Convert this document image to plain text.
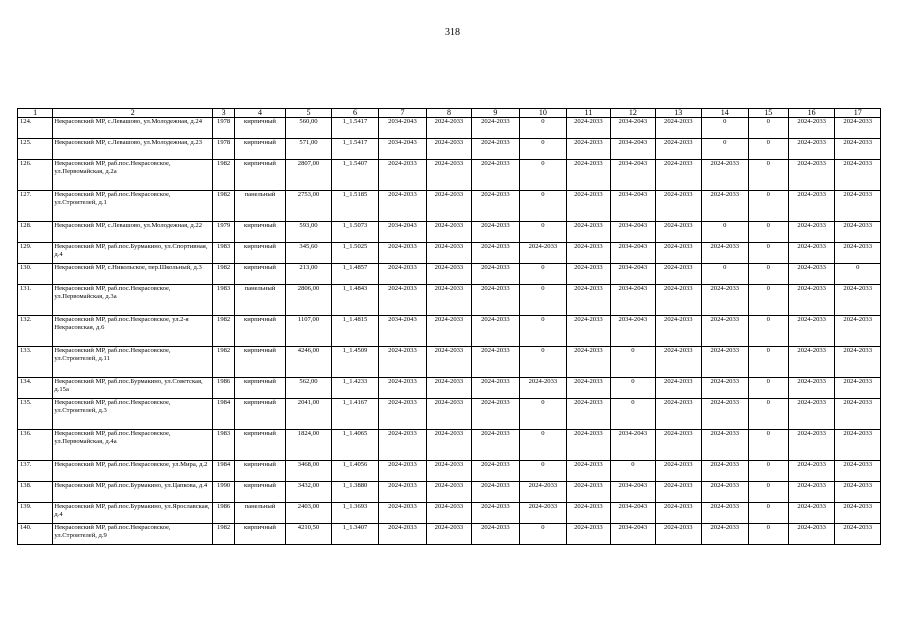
318
1	2	3	4	5	6	7	8	9	10	11	12	13	14	15	16	17
124.	Некрасовский МР, с.Левашово, ул.Молодежная, д.24	1978	кирпичный	560,00	1_1.5417	2034-2043	2024-2033	2024-2033	0	2024-2033	2034-2043	2024-2033	0	0	2024-2033	2024-2033
125.	Некрасовский МР, с.Левашово, ул.Молодежная, д.23	1978	кирпичный	571,00	1_1.5417	2034-2043	2024-2033	2024-2033	0	2024-2033	2034-2043	2024-2033	0	0	2024-2033	2024-2033
126.	Некрасовский МР, раб.пос.Некрасовское, ул.Первомайская, д.2а	1982	кирпичный	2807,00	1_1.5407	2024-2033	2024-2033	2024-2033	0	2024-2033	2034-2043	2024-2033	2024-2033	0	2024-2033	2024-2033
127.	Некрасовский МР, раб.пос.Некрасовское, ул.Строителей, д.1	1982	панельный	2753,00	1_1.5185	2024-2033	2024-2033	2024-2033	0	2024-2033	2034-2043	2024-2033	2024-2033	0	2024-2033	2024-2033
128.	Некрасовский МР, с.Левашово, ул.Молодежная, д.22	1979	кирпичный	593,00	1_1.5073	2034-2043	2024-2033	2024-2033	0	2024-2033	2034-2043	2024-2033	0	0	2024-2033	2024-2033
129.	Некрасовский МР, раб.пос.Бурмакино, ул.Спортивная, д.4	1983	кирпичный	345,60	1_1.5025	2024-2033	2024-2033	2024-2033	2024-2033	2024-2033	2034-2043	2024-2033	2024-2033	0	2024-2033	2024-2033
130.	Некрасовский МР, с.Никольское, пер.Школьный, д.3	1982	кирпичный	213,00	1_1.4857	2024-2033	2024-2033	2024-2033	0	2024-2033	2034-2043	2024-2033	0	0	2024-2033	0
131.	Некрасовский МР, раб.пос.Некрасовское, ул.Первомайская, д.3а	1983	панельный	2806,00	1_1.4843	2024-2033	2024-2033	2024-2033	0	2024-2033	2034-2043	2024-2033	2024-2033	0	2024-2033	2024-2033
132.	Некрасовский МР, раб.пос.Некрасовское, ул.2-я Некрасовская, д.6	1982	кирпичный	1107,00	1_1.4815	2034-2043	2024-2033	2024-2033	0	2024-2033	2034-2043	2024-2033	2024-2033	0	2024-2033	2024-2033
133.	Некрасовский МР, раб.пос.Некрасовское, ул.Строителей, д.11	1982	кирпичный	4246,00	1_1.4509	2024-2033	2024-2033	2024-2033	0	2024-2033	0	2024-2033	2024-2033	0	2024-2033	2024-2033
134.	Некрасовский МР, раб.пос.Бурмакино, ул.Советская, д.15а	1986	кирпичный	562,00	1_1.4233	2024-2033	2024-2033	2024-2033	2024-2033	2024-2033	0	2024-2033	2024-2033	0	2024-2033	2024-2033
135.	Некрасовский МР, раб.пос.Некрасовское, ул.Строителей, д.3	1984	кирпичный	2041,00	1_1.4167	2024-2033	2024-2033	2024-2033	0	2024-2033	0	2024-2033	2024-2033	0	2024-2033	2024-2033
136.	Некрасовский МР, раб.пос.Некрасовское, ул.Первомайская, д.4а	1983	кирпичный	1824,00	1_1.4065	2024-2033	2024-2033	2024-2033	0	2024-2033	2034-2043	2024-2033	2024-2033	0	2024-2033	2024-2033
137.	Некрасовский МР, раб.пос.Некрасовское, ул.Мира, д.2	1984	кирпичный	3468,00	1_1.4056	2024-2033	2024-2033	2024-2033	0	2024-2033	0	2024-2033	2024-2033	0	2024-2033	2024-2033
138.	Некрасовский МР, раб.пос.Бурмакино, ул.Цапкова, д.4	1990	кирпичный	3432,00	1_1.3880	2024-2033	2024-2033	2024-2033	2024-2033	2024-2033	2034-2043	2024-2033	2024-2033	0	2024-2033	2024-2033
139.	Некрасовский МР, раб.пос.Бурмакино, ул.Ярославская, д.4	1986	панельный	2403,00	1_1.3693	2024-2033	2024-2033	2024-2033	2024-2033	2024-2033	2034-2043	2024-2033	2024-2033	0	2024-2033	2024-2033
140.	Некрасовский МР, раб.пос.Некрасовское, ул.Строителей, д.9	1982	кирпичный	4210,50	1_1.3407	2024-2033	2024-2033	2024-2033	0	2024-2033	2034-2043	2024-2033	2024-2033	0	2024-2033	2024-2033
